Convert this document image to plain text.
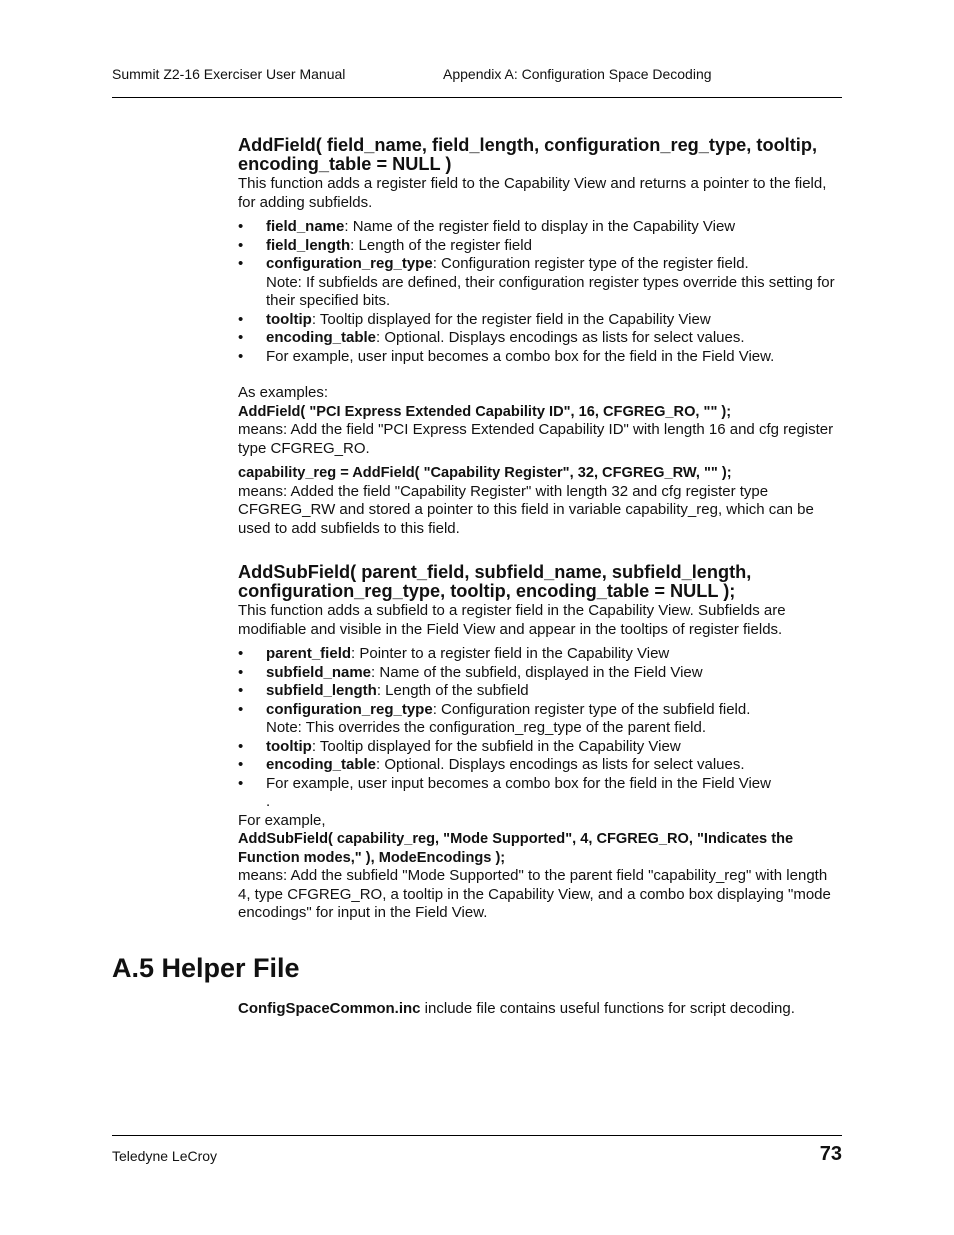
Summit Z2-16 Exerciser User Manual	Appendix A: Configuration Space Decoding
AddField( field_name, field_length, configuration_reg_type, tooltip,
encoding_table = NULL )
This function adds a register field to the Capability View and returns a pointer to the field, for adding subfields.
• field_name: Name of the register field to display in the Capability View
• field_length: Length of the register field
• configuration_reg_type: Configuration register type of the register field.
Note: If subfields are defined, their configuration register types override this setting for their specified bits.
• tooltip: Tooltip displayed for the register field in the Capability View
• encoding_table: Optional. Displays encodings as lists for select values.
• For example, user input becomes a combo box for the field in the Field View.
As examples:
AddField( "PCI Express Extended Capability ID", 16, CFGREG_RO, "" );
means: Add the field "PCI Express Extended Capability ID" with length 16 and cfg register type CFGREG_RO.
capability_reg = AddField( "Capability Register", 32, CFGREG_RW, "" );
means: Added the field "Capability Register" with length 32 and cfg register type CFGREG_RW and stored a pointer to this field in variable capability_reg, which can be used to add subfields to this field.
AddSubField( parent_field, subfield_name, subfield_length,
configuration_reg_type, tooltip, encoding_table = NULL );
This function adds a subfield to a register field in the Capability View. Subfields are modifiable and visible in the Field View and appear in the tooltips of register fields.
• parent_field: Pointer to a register field in the Capability View
• subfield_name: Name of the subfield, displayed in the Field View
• subfield_length: Length of the subfield
• configuration_reg_type: Configuration register type of the subfield field.
Note: This overrides the configuration_reg_type of the parent field.
• tooltip: Tooltip displayed for the subfield in the Capability View
• encoding_table: Optional. Displays encodings as lists for select values.
• For example, user input becomes a combo box for the field in the Field View
.
For example,
AddSubField( capability_reg, "Mode Supported", 4, CFGREG_RO, "Indicates the Function modes," ), ModeEncodings );
means: Add the subfield "Mode Supported" to the parent field "capability_reg" with length 4, type CFGREG_RO, a tooltip in the Capability View, and a combo box displaying "mode encodings" for input in the Field View.
A.5 Helper File
ConfigSpaceCommon.inc include file contains useful functions for script decoding.
Teledyne LeCroy	73
